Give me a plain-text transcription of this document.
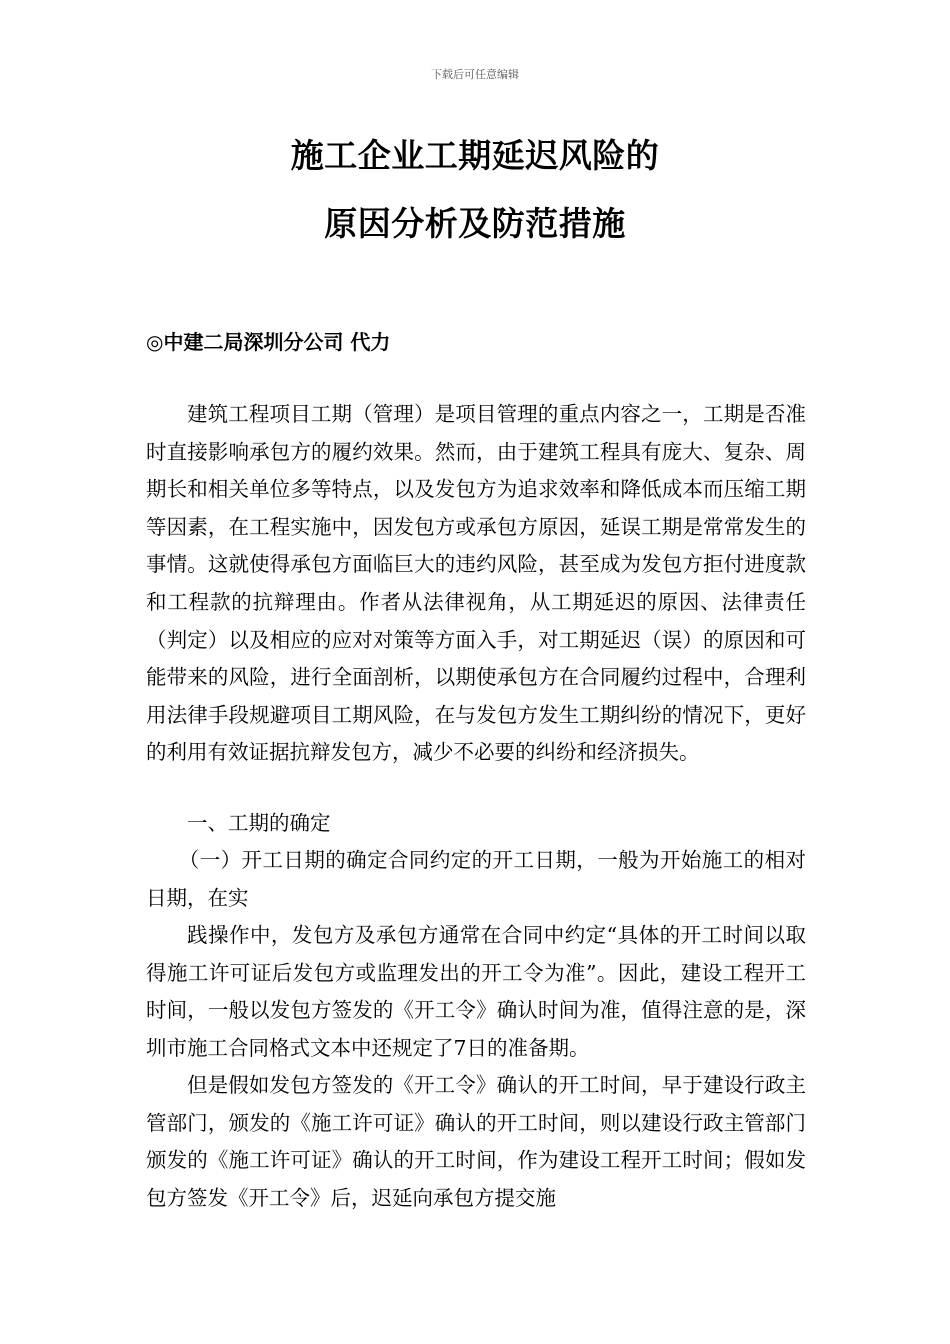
下载后可任意编辑
施工企业工期延迟风险的
原因分析及防范措施
◎中建二局深圳分公司 代力

建筑工程项目工期（管理）是项目管理的重点内容之一，工期是否准时直接影响承包方的履约效果。然而，由于建筑工程具有庞大、复杂、周期长和相关单位多等特点，以及发包方为追求效率和降低成本而压缩工期等因素，在工程实施中，因发包方或承包方原因，延误工期是常常发生的事情。这就使得承包方面临巨大的违约风险，甚至成为发包方拒付进度款和工程款的抗辩理由。作者从法律视角，从工期延迟的原因、法律责任（判定）以及相应的应对对策等方面入手，对工期延迟（误）的原因和可能带来的风险，进行全面剖析，以期使承包方在合同履约过程中，合理利用法律手段规避项目工期风险，在与发包方发生工期纠纷的情况下，更好的利用有效证据抗辩发包方，减少不必要的纠纷和经济损失。

一、工期的确定

（一）开工日期的确定合同约定的开工日期，一般为开始施工的相对日期，在实

践操作中，发包方及承包方通常在合同中约定“具体的开工时间以取得施工许可证后发包方或监理发出的开工令为准”。因此，建设工程开工时间，一般以发包方签发的《开工令》确认时间为准，值得注意的是，深圳市施工合同格式文本中还规定了7日的准备期。

但是假如发包方签发的《开工令》确认的开工时间，早于建设行政主管部门，颁发的《施工许可证》确认的开工时间，则以建设行政主管部门颁发的《施工许可证》确认的开工时间，作为建设工程开工时间；假如发包方签发《开工令》后，迟延向承包方提交施
